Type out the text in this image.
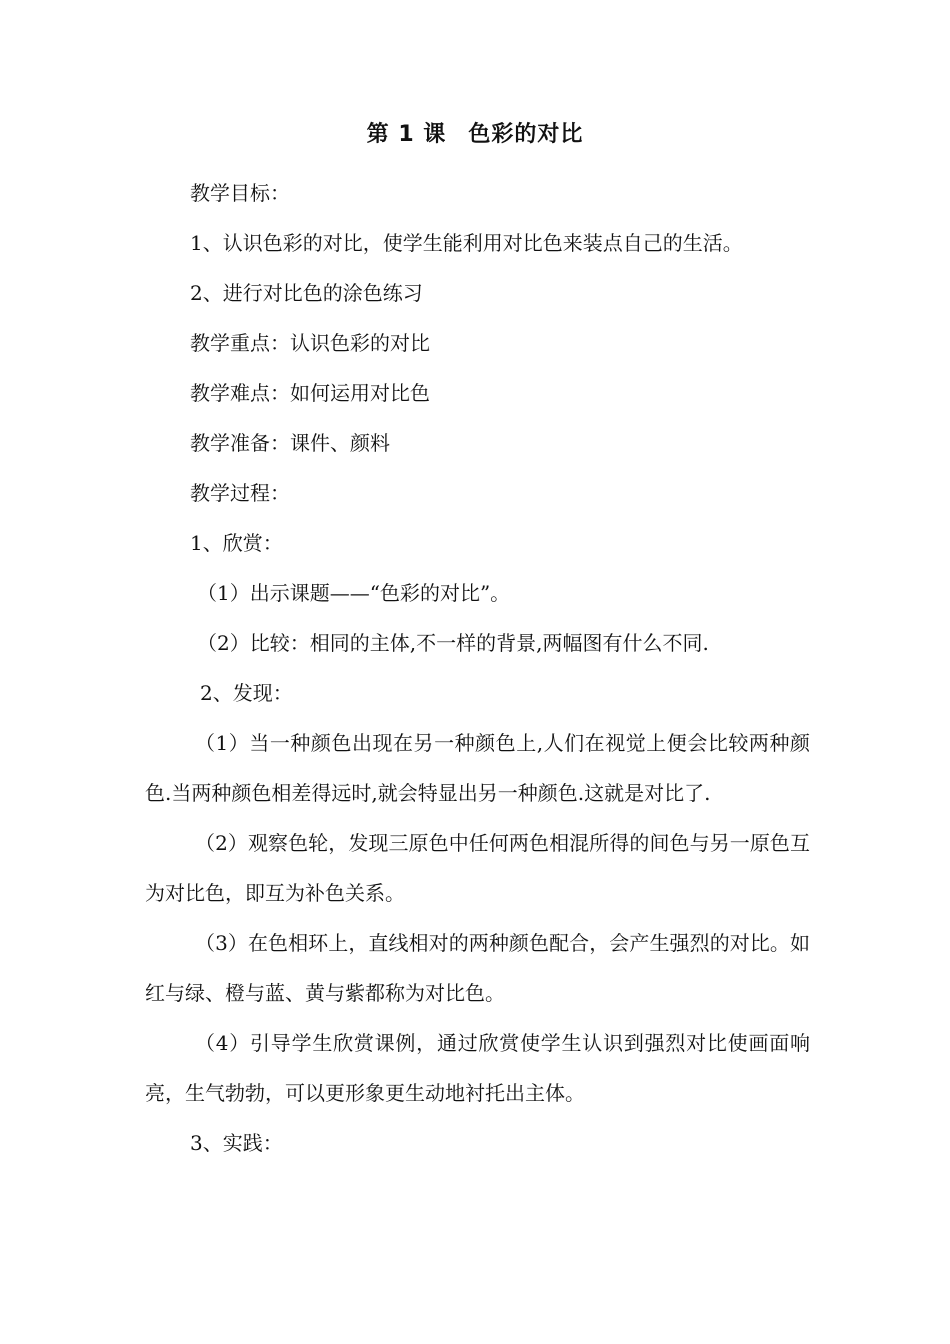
第 1 课 色彩的对比
教学目标：
1、认识色彩的对比，使学生能利用对比色来装点自己的生活。
2、进行对比色的涂色练习
教学重点：认识色彩的对比
教学难点：如何运用对比色
教学准备：课件、颜料
教学过程：
1、欣赏：
（1）出示课题——“色彩的对比”。
（2）比较：相同的主体,不一样的背景,两幅图有什么不同.
2、发现：
（1）当一种颜色出现在另一种颜色上,人们在视觉上便会比较两种颜色.当两种颜色相差得远时,就会特显出另一种颜色.这就是对比了.
（2）观察色轮，发现三原色中任何两色相混所得的间色与另一原色互为对比色，即互为补色关系。
（3）在色相环上，直线相对的两种颜色配合，会产生强烈的对比。如红与绿、橙与蓝、黄与紫都称为对比色。
（4）引导学生欣赏课例，通过欣赏使学生认识到强烈对比使画面响亮，生气勃勃，可以更形象更生动地衬托出主体。
3、实践：
